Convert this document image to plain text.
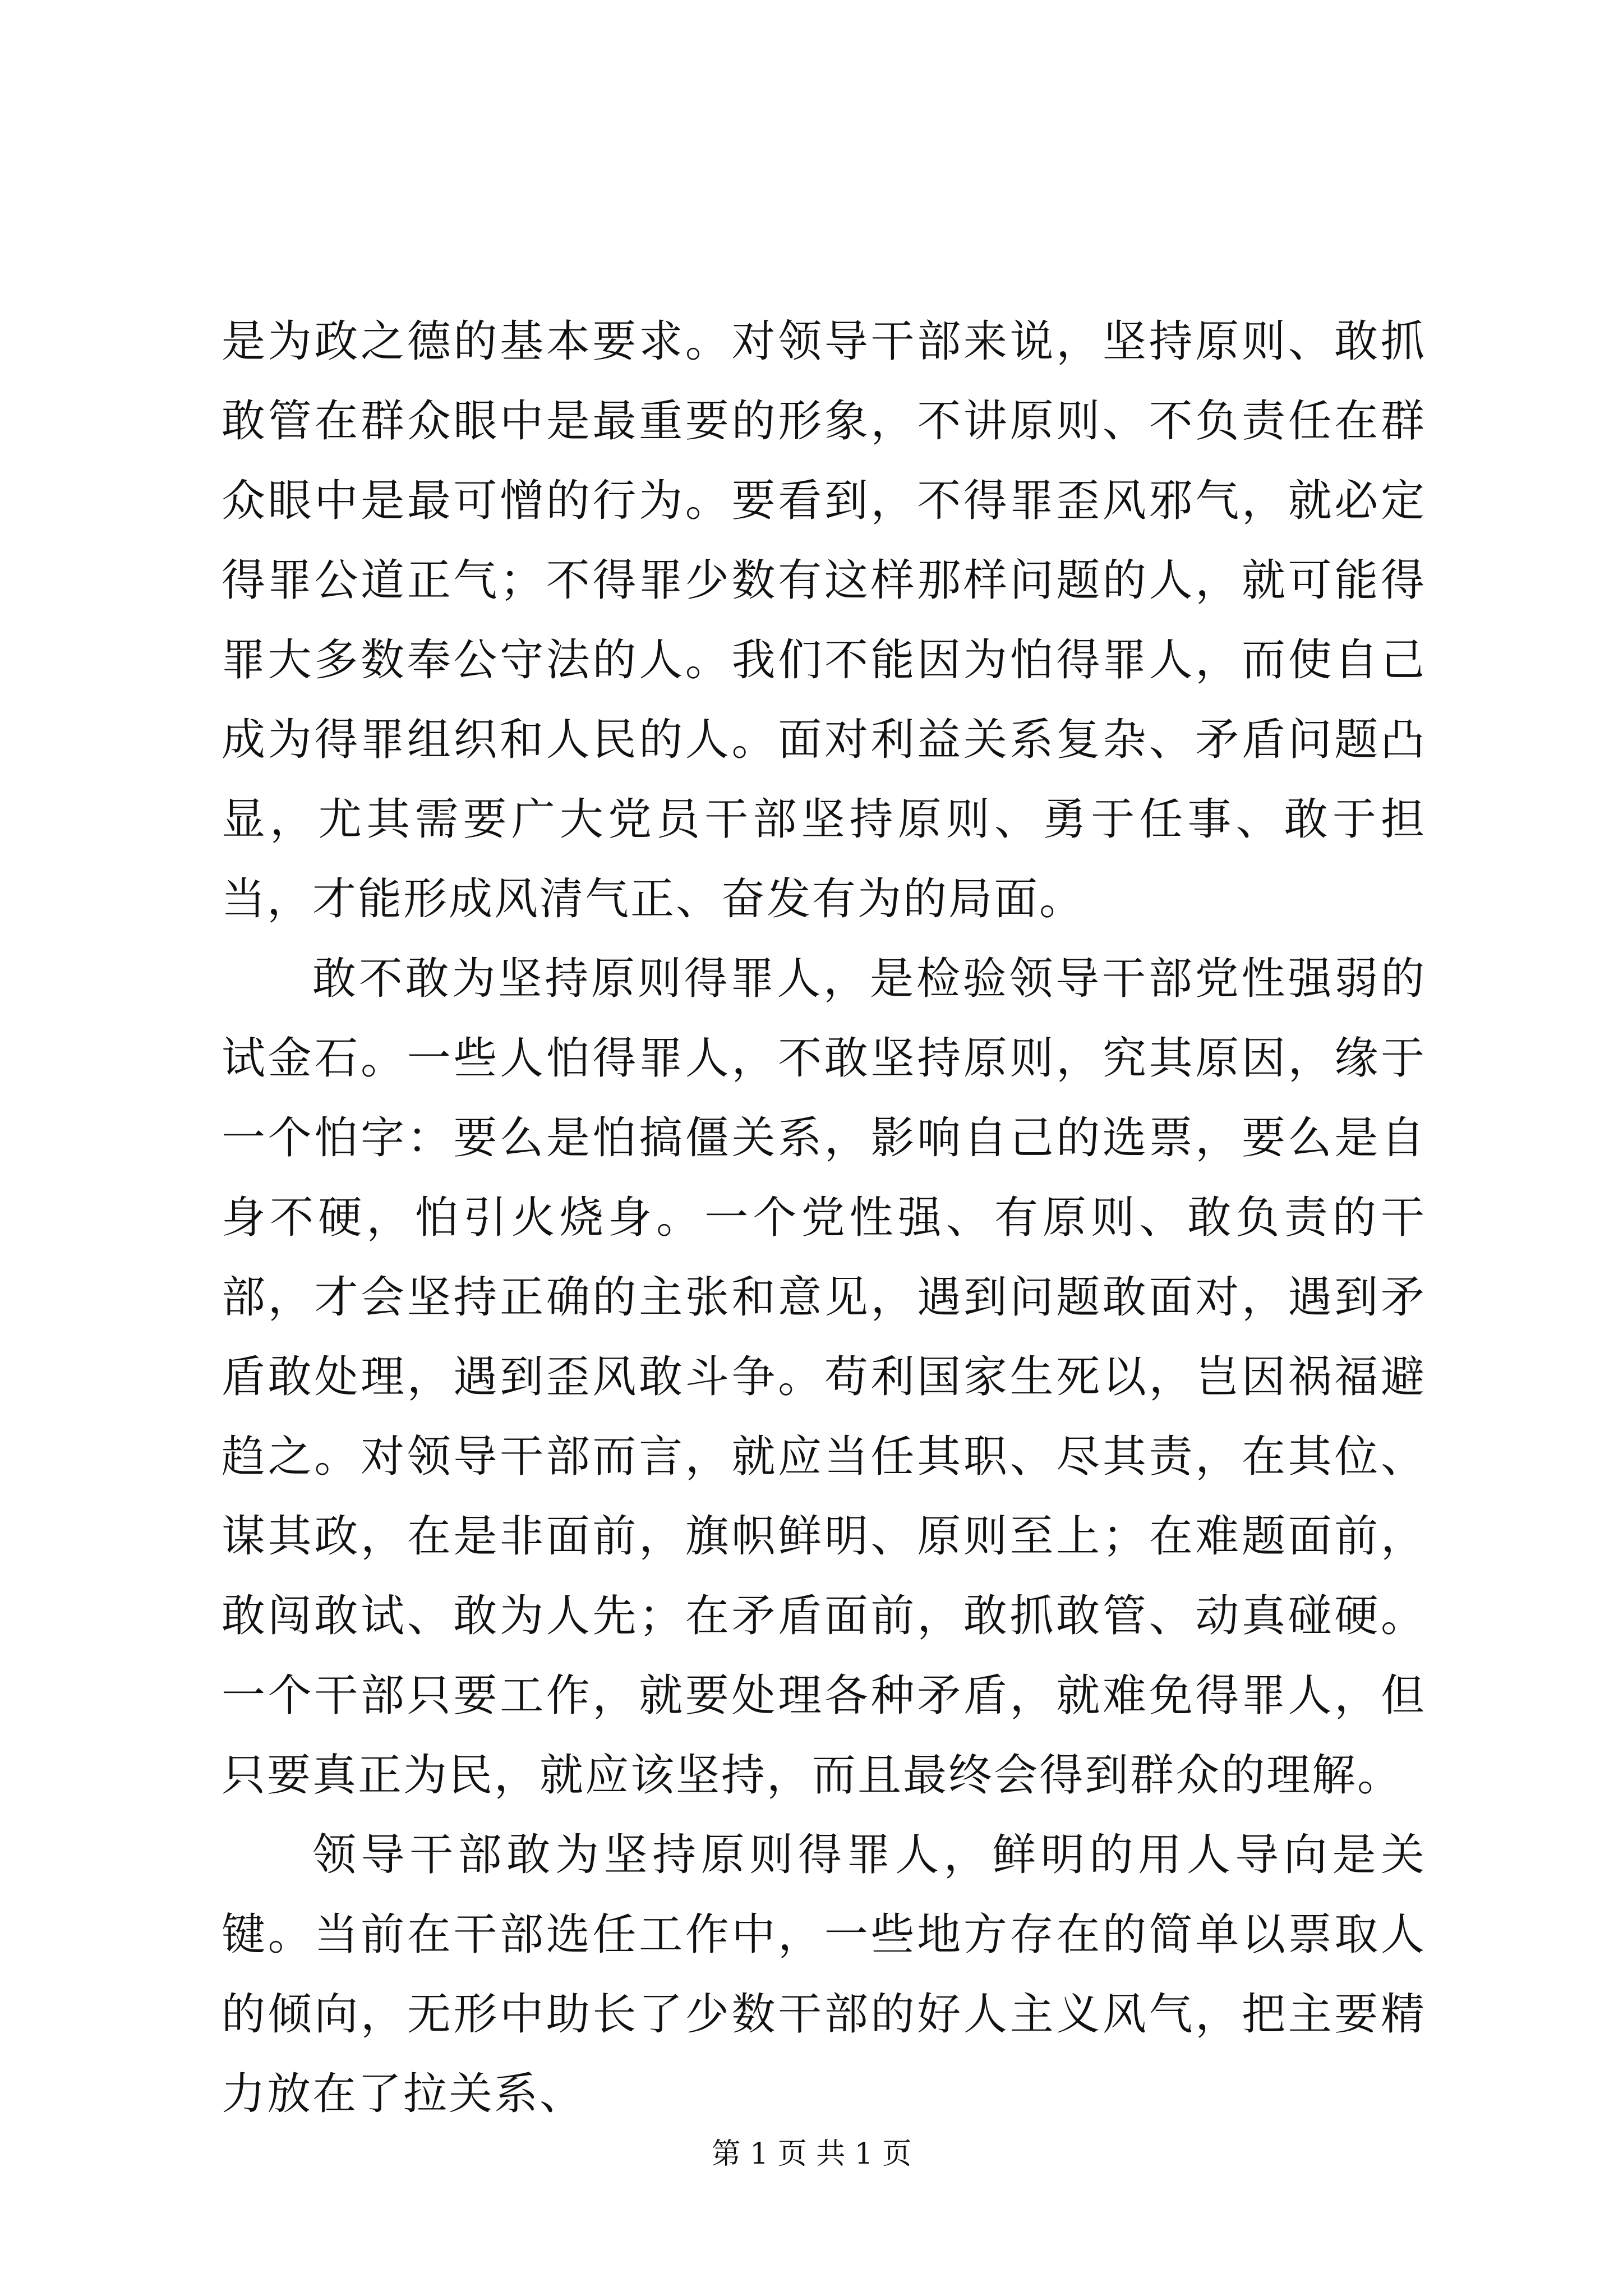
是为政之德的基本要求。对领导干部来说，坚持原则、敢抓敢管在群众眼中是最重要的形象，不讲原则、不负责任在群众眼中是最可憎的行为。要看到，不得罪歪风邪气，就必定得罪公道正气；不得罪少数有这样那样问题的人，就可能得罪大多数奉公守法的人。我们不能因为怕得罪人，而使自己成为得罪组织和人民的人。面对利益关系复杂、矛盾问题凸显，尤其需要广大党员干部坚持原则、勇于任事、敢于担当，才能形成风清气正、奋发有为的局面。

敢不敢为坚持原则得罪人，是检验领导干部党性强弱的试金石。一些人怕得罪人，不敢坚持原则，究其原因，缘于一个怕字：要么是怕搞僵关系，影响自己的选票，要么是自身不硬，怕引火烧身。一个党性强、有原则、敢负责的干部，才会坚持正确的主张和意见，遇到问题敢面对，遇到矛盾敢处理，遇到歪风敢斗争。苟利国家生死以，岂因祸福避趋之。对领导干部而言，就应当任其职、尽其责，在其位、谋其政，在是非面前，旗帜鲜明、原则至上；在难题面前，敢闯敢试、敢为人先；在矛盾面前，敢抓敢管、动真碰硬。一个干部只要工作，就要处理各种矛盾，就难免得罪人，但只要真正为民，就应该坚持，而且最终会得到群众的理解。

领导干部敢为坚持原则得罪人，鲜明的用人导向是关键。当前在干部选任工作中，一些地方存在的简单以票取人的倾向，无形中助长了少数干部的好人主义风气，把主要精力放在了拉关系、

第 1 页 共 1 页
